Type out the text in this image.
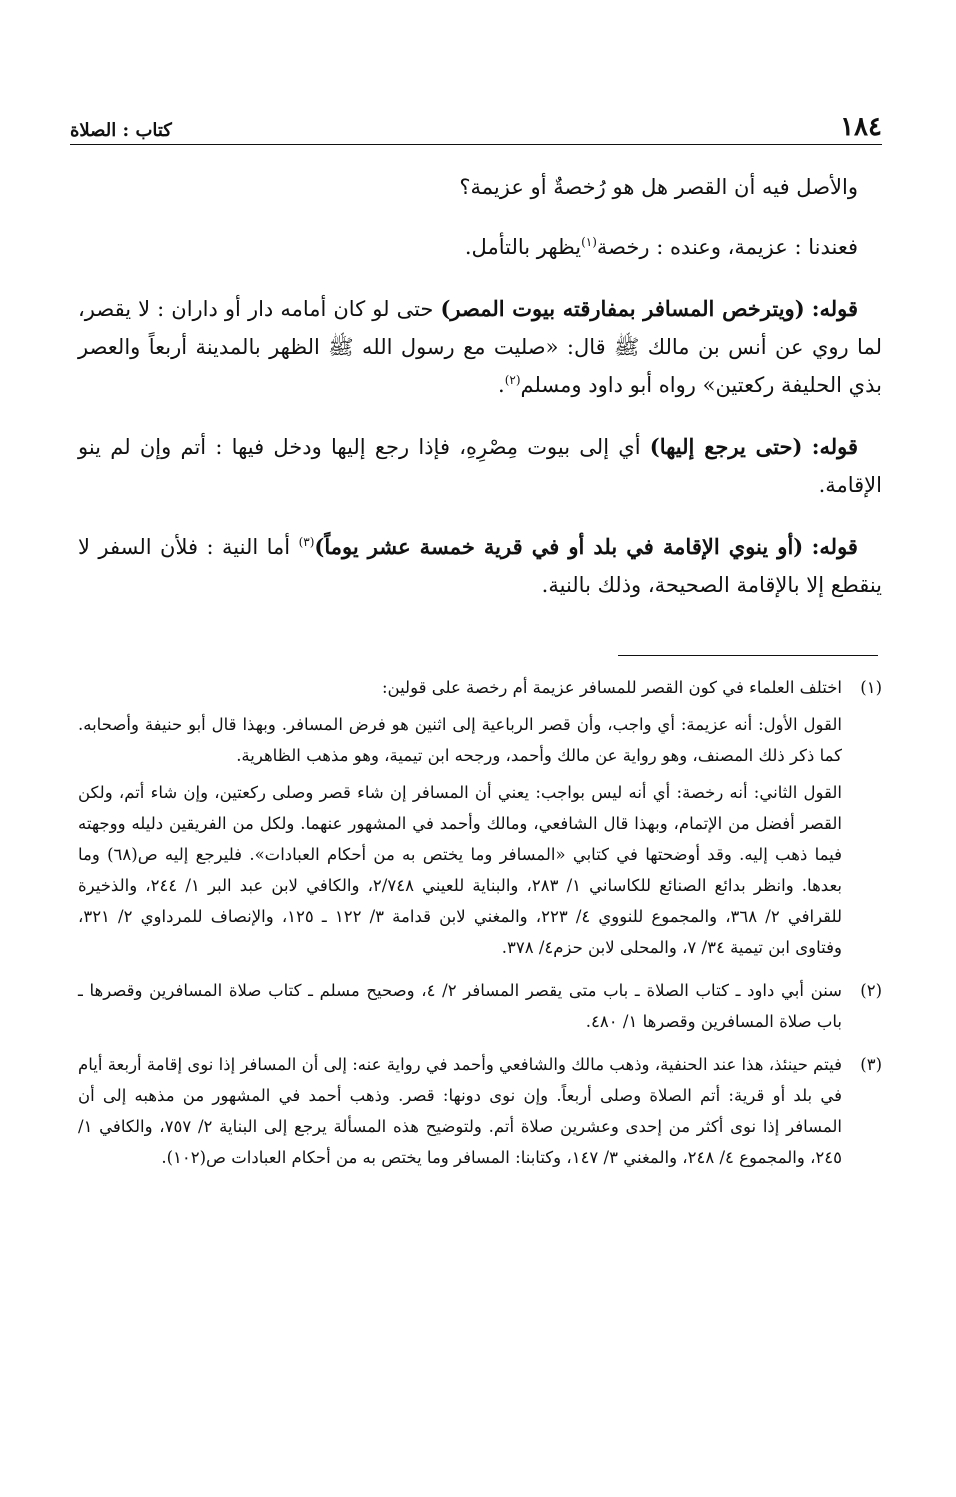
١٨٤
كتاب : الصلاة

والأصل فيه أن القصر هل هو رُخصةٌ أو عزيمة؟

فعندنا : عزيمة، وعنده : رخصة$^{(١)}$يظهر بالتأمل.

قوله: (ويترخص المسافر بمفارقته بيوت المصر) حتى لو كان أمامه دار أو داران : لا يقصر، لما روي عن أنس بن مالك ﷺ قال: «صليت مع رسول الله ﷺ الظهر بالمدينة أربعاً والعصر بذي الحليفة ركعتين» رواه أبو داود ومسلم$^{(٢)}$.

قوله: (حتى يرجع إليها) أي إلى بيوت مِصْرِهِ، فإذا رجع إليها ودخل فيها : أتم وإن لم ينو الإقامة.

قوله: (أو ينوي الإقامة في بلد أو في قرية خمسة عشر يوماً)$^{(٣)}$ أما النية : فلأن السفر لا ينقطع إلا بالإقامة الصحيحة، وذلك بالنية.

(١)

اختلف العلماء في كون القصر للمسافر عزيمة أم رخصة على قولين:

القول الأول: أنه عزيمة: أي واجب، وأن قصر الرباعية إلى اثنين هو فرض المسافر. وبهذا قال أبو حنيفة وأصحابه. كما ذكر ذلك المصنف، وهو رواية عن مالك وأحمد، ورجحه ابن تيمية، وهو مذهب الظاهرية.

القول الثاني: أنه رخصة: أي أنه ليس بواجب: يعني أن المسافر إن شاء قصر وصلى ركعتين، وإن شاء أتم، ولكن القصر أفضل من الإتمام، وبهذا قال الشافعي، ومالك وأحمد في المشهور عنهما. ولكل من الفريقين دليله ووجهته فيما ذهب إليه. وقد أوضحتها في كتابي «المسافر وما يختص به من أحكام العبادات». فليرجع إليه ص(٦٨) وما بعدها. وانظر بدائع الصنائع للكاساني ١/ ٢٨٣، والبناية للعيني ٢/٧٤٨، والكافي لابن عبد البر ١/ ٢٤٤، والذخيرة للقرافي ٢/ ٣٦٨، والمجموع للنووي ٤/ ٢٢٣، والمغني لابن قدامة ٣/ ١٢٢ ـ ١٢٥، والإنصاف للمرداوي ٢/ ٣٢١، وفتاوى ابن تيمية ٣٤/ ٧، والمحلى لابن حزم٤/ ٣٧٨.

(٢)

سنن أبي داود ـ كتاب الصلاة ـ باب متى يقصر المسافر ٢/ ٤، وصحيح مسلم ـ كتاب صلاة المسافرين وقصرها ـ باب صلاة المسافرين وقصرها ١/ ٤٨٠.

(٣)

فيتم حينئذ، هذا عند الحنفية، وذهب مالك والشافعي وأحمد في رواية عنه: إلى أن المسافر إذا نوى إقامة أربعة أيام في بلد أو قرية: أتم الصلاة وصلى أربعاً. وإن نوى دونها: قصر. وذهب أحمد في المشهور من مذهبه إلى أن المسافر إذا نوى أكثر من إحدى وعشرين صلاة أتم. ولتوضيح هذه المسألة يرجع إلى البناية ٢/ ٧٥٧، والكافي ١/ ٢٤٥، والمجموع ٤/ ٢٤٨، والمغني ٣/ ١٤٧، وكتابنا: المسافر وما يختص به من أحكام العبادات ص(١٠٢).
